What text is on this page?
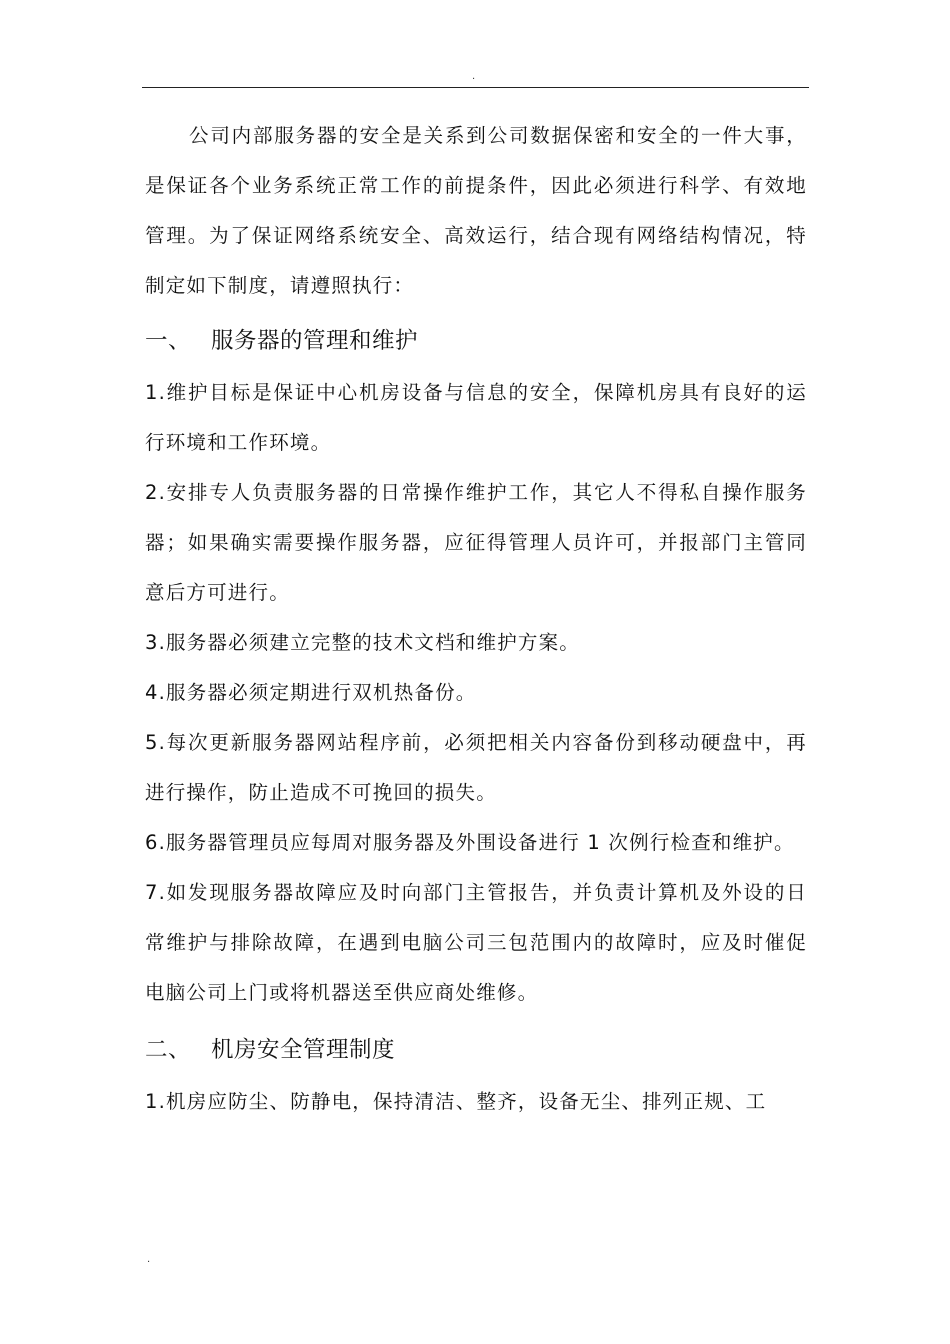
.

公司内部服务器的安全是关系到公司数据保密和安全的一件大事，是保证各个业务系统正常工作的前提条件，因此必须进行科学、有效地管理。为了保证网络系统安全、高效运行，结合现有网络结构情况，特制定如下制度，请遵照执行：

一、 服务器的管理和维护

1.维护目标是保证中心机房设备与信息的安全，保障机房具有良好的运行环境和工作环境。

2.安排专人负责服务器的日常操作维护工作，其它人不得私自操作服务器；如果确实需要操作服务器，应征得管理人员许可，并报部门主管同意后方可进行。

3.服务器必须建立完整的技术文档和维护方案。

4.服务器必须定期进行双机热备份。

5.每次更新服务器网站程序前，必须把相关内容备份到移动硬盘中，再进行操作，防止造成不可挽回的损失。

6.服务器管理员应每周对服务器及外围设备进行 1 次例行检查和维护。

7.如发现服务器故障应及时向部门主管报告，并负责计算机及外设的日常维护与排除故障，在遇到电脑公司三包范围内的故障时，应及时催促电脑公司上门或将机器送至供应商处维修。

二、 机房安全管理制度

1.机房应防尘、防静电，保持清洁、整齐，设备无尘、排列正规、工

.
